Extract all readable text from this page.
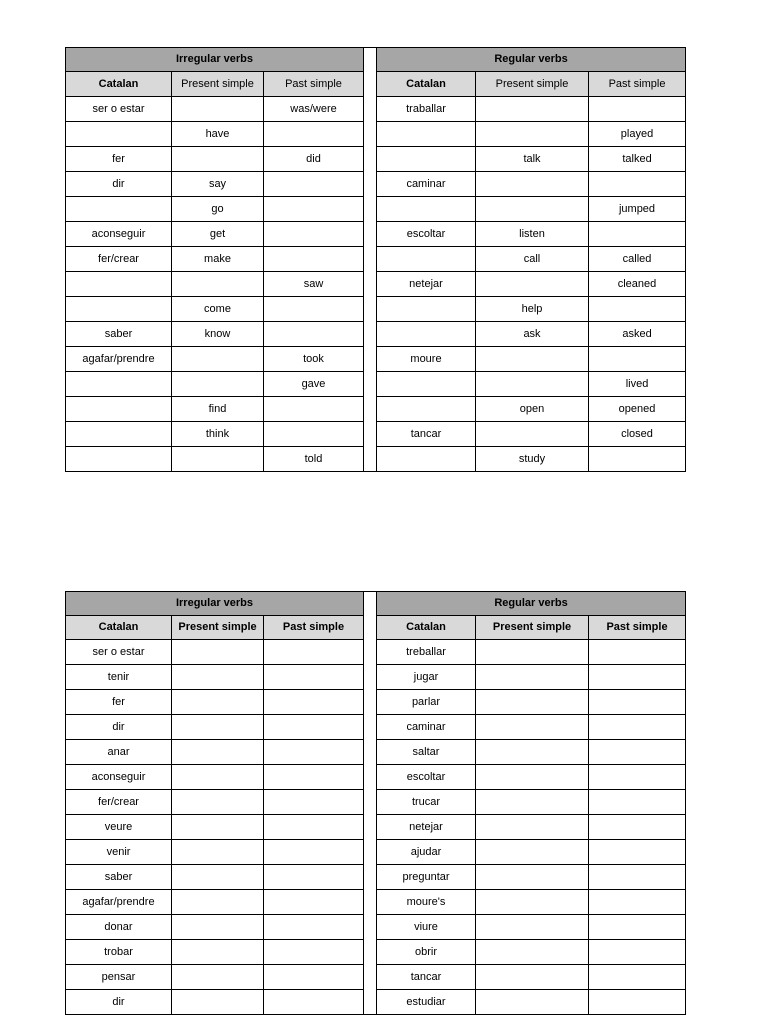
Irregular verbs				Regular verbs		
Catalan	Present simple	Past simple		Catalan	Present simple	Past simple
ser o estar		was/were		traballar		
	have					played
fer		did			talk	talked
dir	say			caminar		
	go					jumped
aconseguir	get			escoltar	listen	
fer/crear	make				call	called
		saw		netejar		cleaned
	come				help	
saber	know				ask	asked
agafar/prendre		took		moure		
		gave				lived
	find				open	opened
	think			tancar		closed
		told			study	
Irregular verbs				Regular verbs		
Catalan	Present simple	Past simple		Catalan	Present simple	Past simple
ser o estar				treballar		
tenir				jugar		
fer				parlar		
dir				caminar		
anar				saltar		
aconseguir				escoltar		
fer/crear				trucar		
veure				netejar		
venir				ajudar		
saber				preguntar		
agafar/prendre				moure's		
donar				viure		
trobar				obrir		
pensar				tancar		
dir				estudiar		
